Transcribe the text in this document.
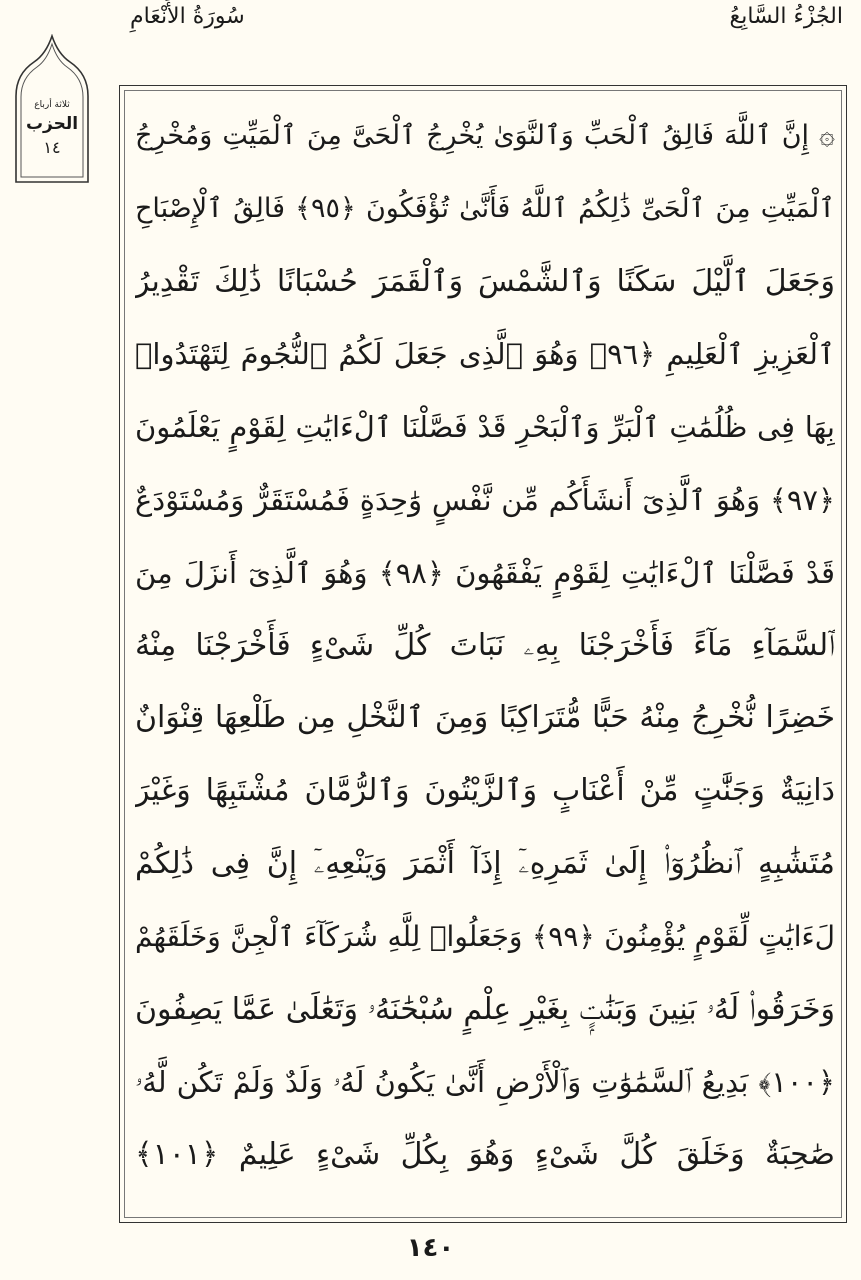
الجُزْءُ السَّابِعُ
سُورَةُ الأَنْعَامِ
ثلاثة أرباع
الحزب
١٤	۞ إِنَّ ٱللَّهَ فَالِقُ ٱلْحَبِّ وَٱلنَّوَىٰ يُخْرِجُ ٱلْحَىَّ مِنَ ٱلْمَيِّتِ وَمُخْرِجُ
ٱلْمَيِّتِ مِنَ ٱلْحَىِّ ذَٰلِكُمُ ٱللَّهُ فَأَنَّىٰ تُؤْفَكُونَ ﴿٩٥﴾ فَالِقُ ٱلْإِصْبَاحِ
وَجَعَلَ ٱلَّيْلَ سَكَنًا وَٱلشَّمْسَ وَٱلْقَمَرَ حُسْبَانًا ذَٰلِكَ تَقْدِيرُ
ٱلْعَزِيزِ ٱلْعَلِيمِ ﴿٩٦﴾ وَهُوَ ٱلَّذِى جَعَلَ لَكُمُ ٱلنُّجُومَ لِتَهْتَدُوا۟
بِهَا فِى ظُلُمَٰتِ ٱلْبَرِّ وَٱلْبَحْرِ قَدْ فَصَّلْنَا ٱلْءَايَٰتِ لِقَوْمٍ يَعْلَمُونَ
﴿٩٧﴾ وَهُوَ ٱلَّذِىٓ أَنشَأَكُم مِّن نَّفْسٍ وَٰحِدَةٍ فَمُسْتَقَرٌّ وَمُسْتَوْدَعٌ
قَدْ فَصَّلْنَا ٱلْءَايَٰتِ لِقَوْمٍ يَفْقَهُونَ ﴿٩٨﴾ وَهُوَ ٱلَّذِىٓ أَنزَلَ مِنَ
ٱلسَّمَآءِ مَآءً فَأَخْرَجْنَا بِهِۦ نَبَاتَ كُلِّ شَىْءٍ فَأَخْرَجْنَا مِنْهُ
خَضِرًا نُّخْرِجُ مِنْهُ حَبًّا مُّتَرَاكِبًا وَمِنَ ٱلنَّخْلِ مِن طَلْعِهَا قِنْوَانٌ
دَانِيَةٌ وَجَنَّٰتٍ مِّنْ أَعْنَابٍ وَٱلزَّيْتُونَ وَٱلرُّمَّانَ مُشْتَبِهًا وَغَيْرَ
مُتَشَٰبِهٍ ٱنظُرُوٓا۟ إِلَىٰ ثَمَرِهِۦٓ إِذَآ أَثْمَرَ وَيَنْعِهِۦٓ إِنَّ فِى ذَٰلِكُمْ
لَءَايَٰتٍ لِّقَوْمٍ يُؤْمِنُونَ ﴿٩٩﴾ وَجَعَلُوا۟ لِلَّهِ شُرَكَآءَ ٱلْجِنَّ وَخَلَقَهُمْ
وَخَرَقُوا۟ لَهُۥ بَنِينَ وَبَنَٰتٍۭ بِغَيْرِ عِلْمٍ سُبْحَٰنَهُۥ وَتَعَٰلَىٰ عَمَّا يَصِفُونَ
﴿١٠٠﴾ بَدِيعُ ٱلسَّمَٰوَٰتِ وَٱلْأَرْضِ أَنَّىٰ يَكُونُ لَهُۥ وَلَدٌ وَلَمْ تَكُن لَّهُۥ
صَٰحِبَةٌ وَخَلَقَ كُلَّ شَىْءٍ وَهُوَ بِكُلِّ شَىْءٍ عَلِيمٌ ﴿١٠١﴾
١٤٠
